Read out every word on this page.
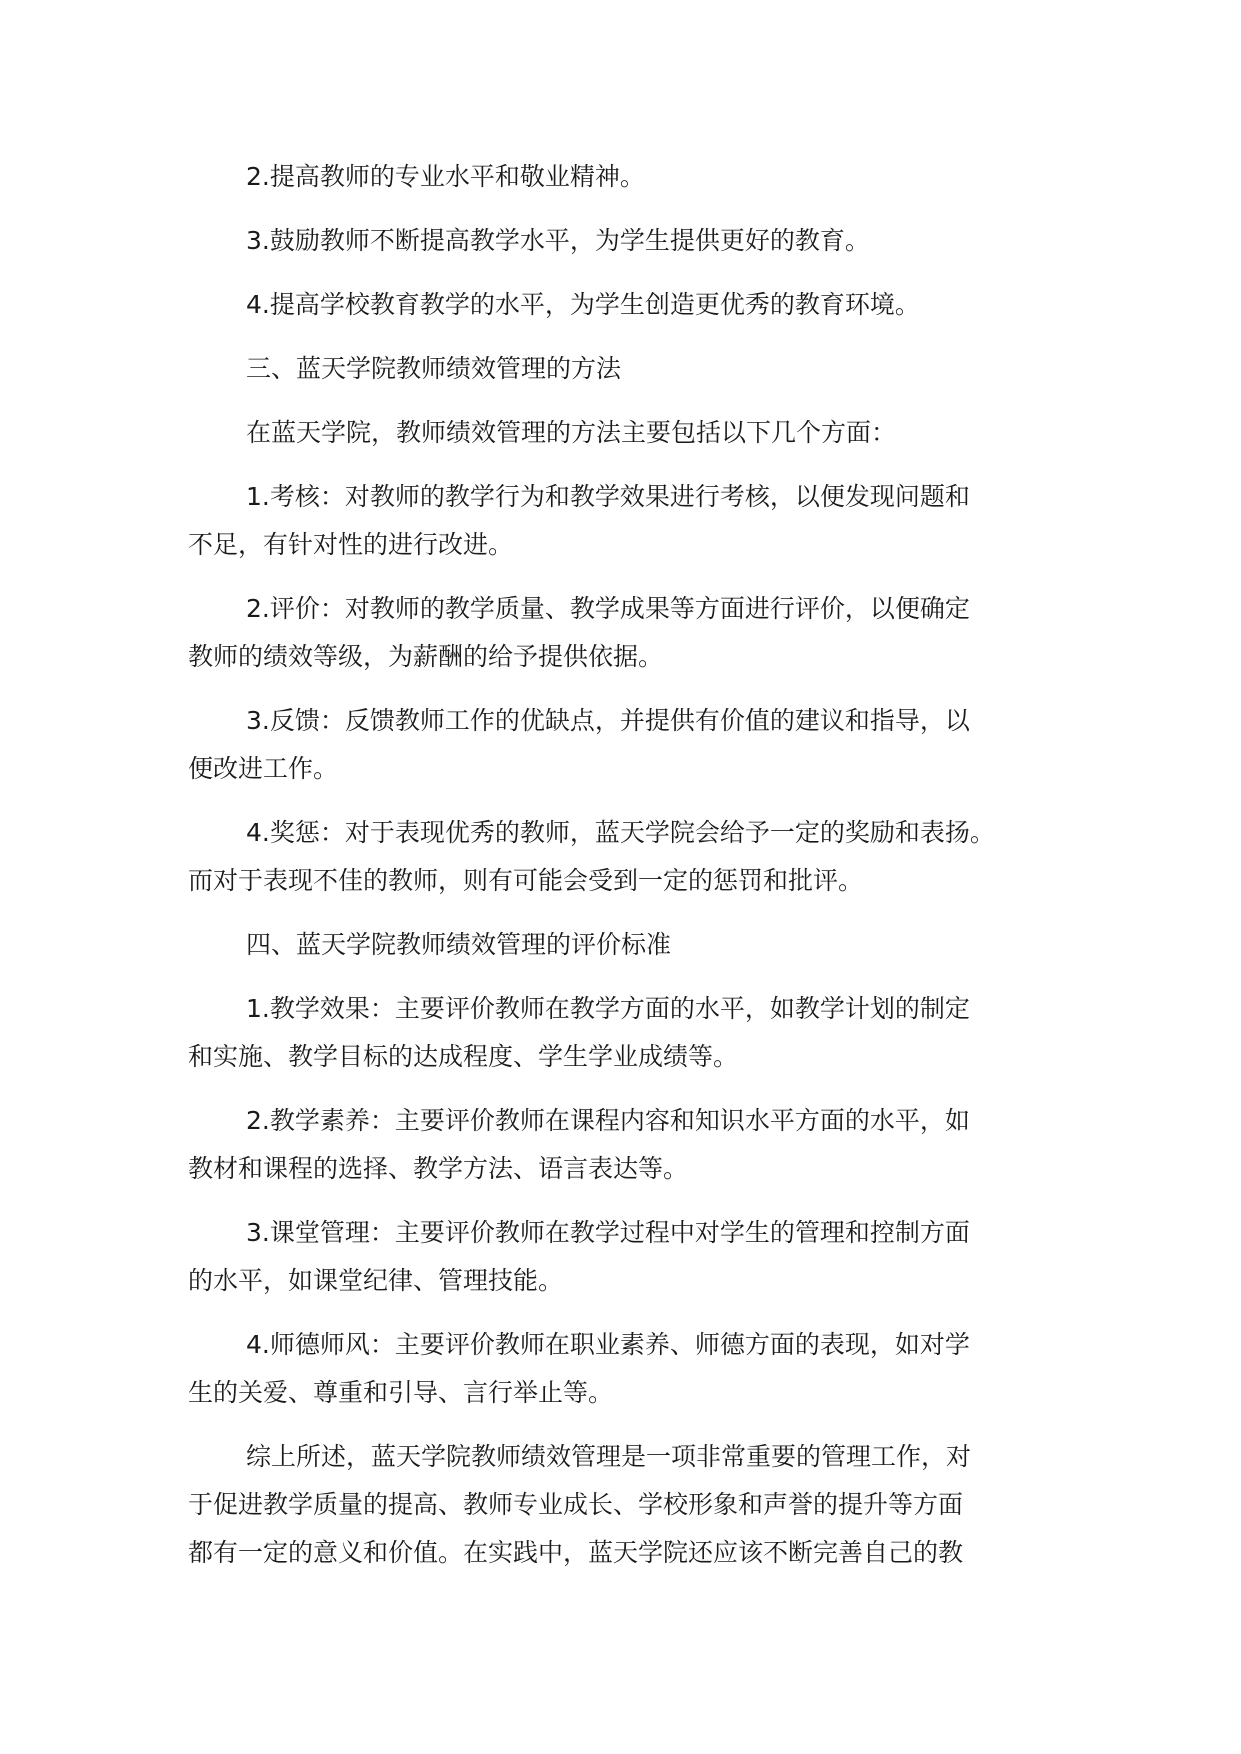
2.提高教师的专业水平和敬业精神。
3.鼓励教师不断提高教学水平，为学生提供更好的教育。
4.提高学校教育教学的水平，为学生创造更优秀的教育环境。
三、蓝天学院教师绩效管理的方法
在蓝天学院，教师绩效管理的方法主要包括以下几个方面：
1.考核：对教师的教学行为和教学效果进行考核，以便发现问题和
不足，有针对性的进行改进。
2.评价：对教师的教学质量、教学成果等方面进行评价，以便确定
教师的绩效等级，为薪酬的给予提供依据。
3.反馈：反馈教师工作的优缺点，并提供有价值的建议和指导，以
便改进工作。
4.奖惩：对于表现优秀的教师，蓝天学院会给予一定的奖励和表扬。
而对于表现不佳的教师，则有可能会受到一定的惩罚和批评。
四、蓝天学院教师绩效管理的评价标准
1.教学效果：主要评价教师在教学方面的水平，如教学计划的制定
和实施、教学目标的达成程度、学生学业成绩等。
2.教学素养：主要评价教师在课程内容和知识水平方面的水平，如
教材和课程的选择、教学方法、语言表达等。
3.课堂管理：主要评价教师在教学过程中对学生的管理和控制方面
的水平，如课堂纪律、管理技能。
4.师德师风：主要评价教师在职业素养、师德方面的表现，如对学
生的关爱、尊重和引导、言行举止等。
综上所述，蓝天学院教师绩效管理是一项非常重要的管理工作，对
于促进教学质量的提高、教师专业成长、学校形象和声誉的提升等方面
都有一定的意义和价值。在实践中，蓝天学院还应该不断完善自己的教
